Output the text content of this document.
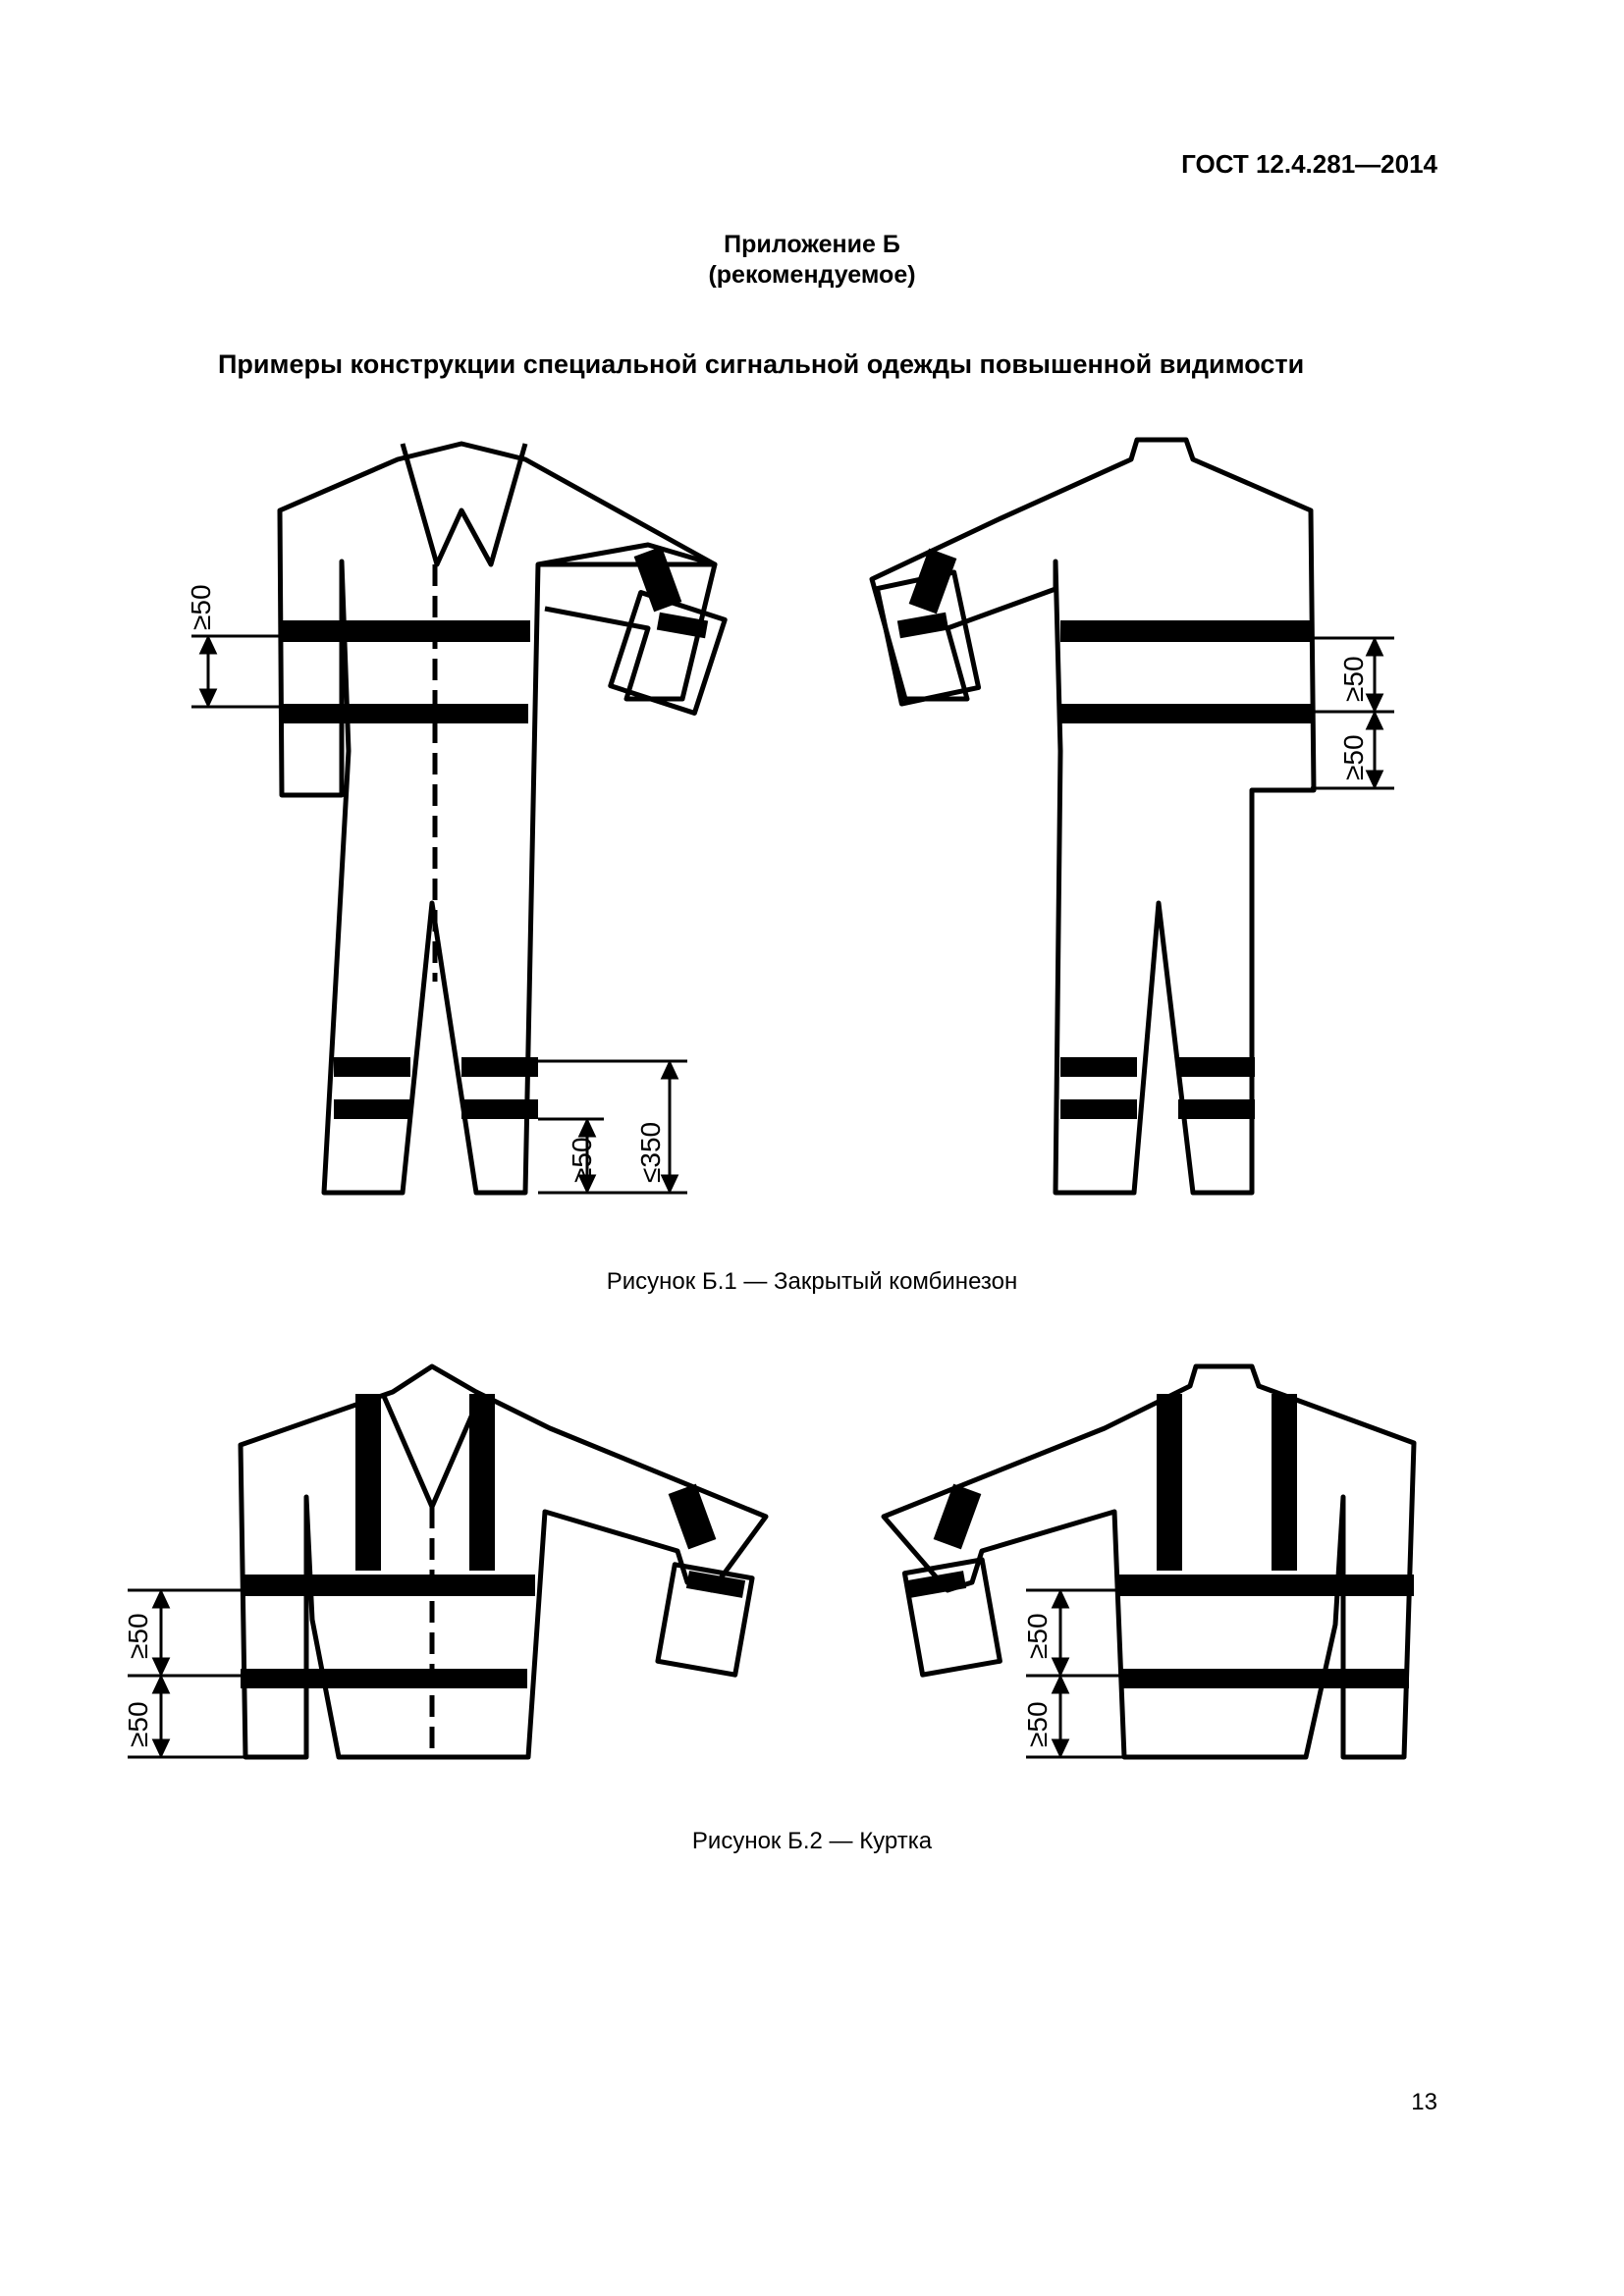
ГОСТ 12.4.281—2014
Приложение Б
(рекомендуемое)
Примеры конструкции специальной сигнальной одежды повышенной видимости
≥50
≥50
≥50
≥50 ≤350
Рисунок Б.1 — Закрытый комбинезон
≥50
≥50
≥50
≥50
Рисунок Б.2 — Куртка
13
